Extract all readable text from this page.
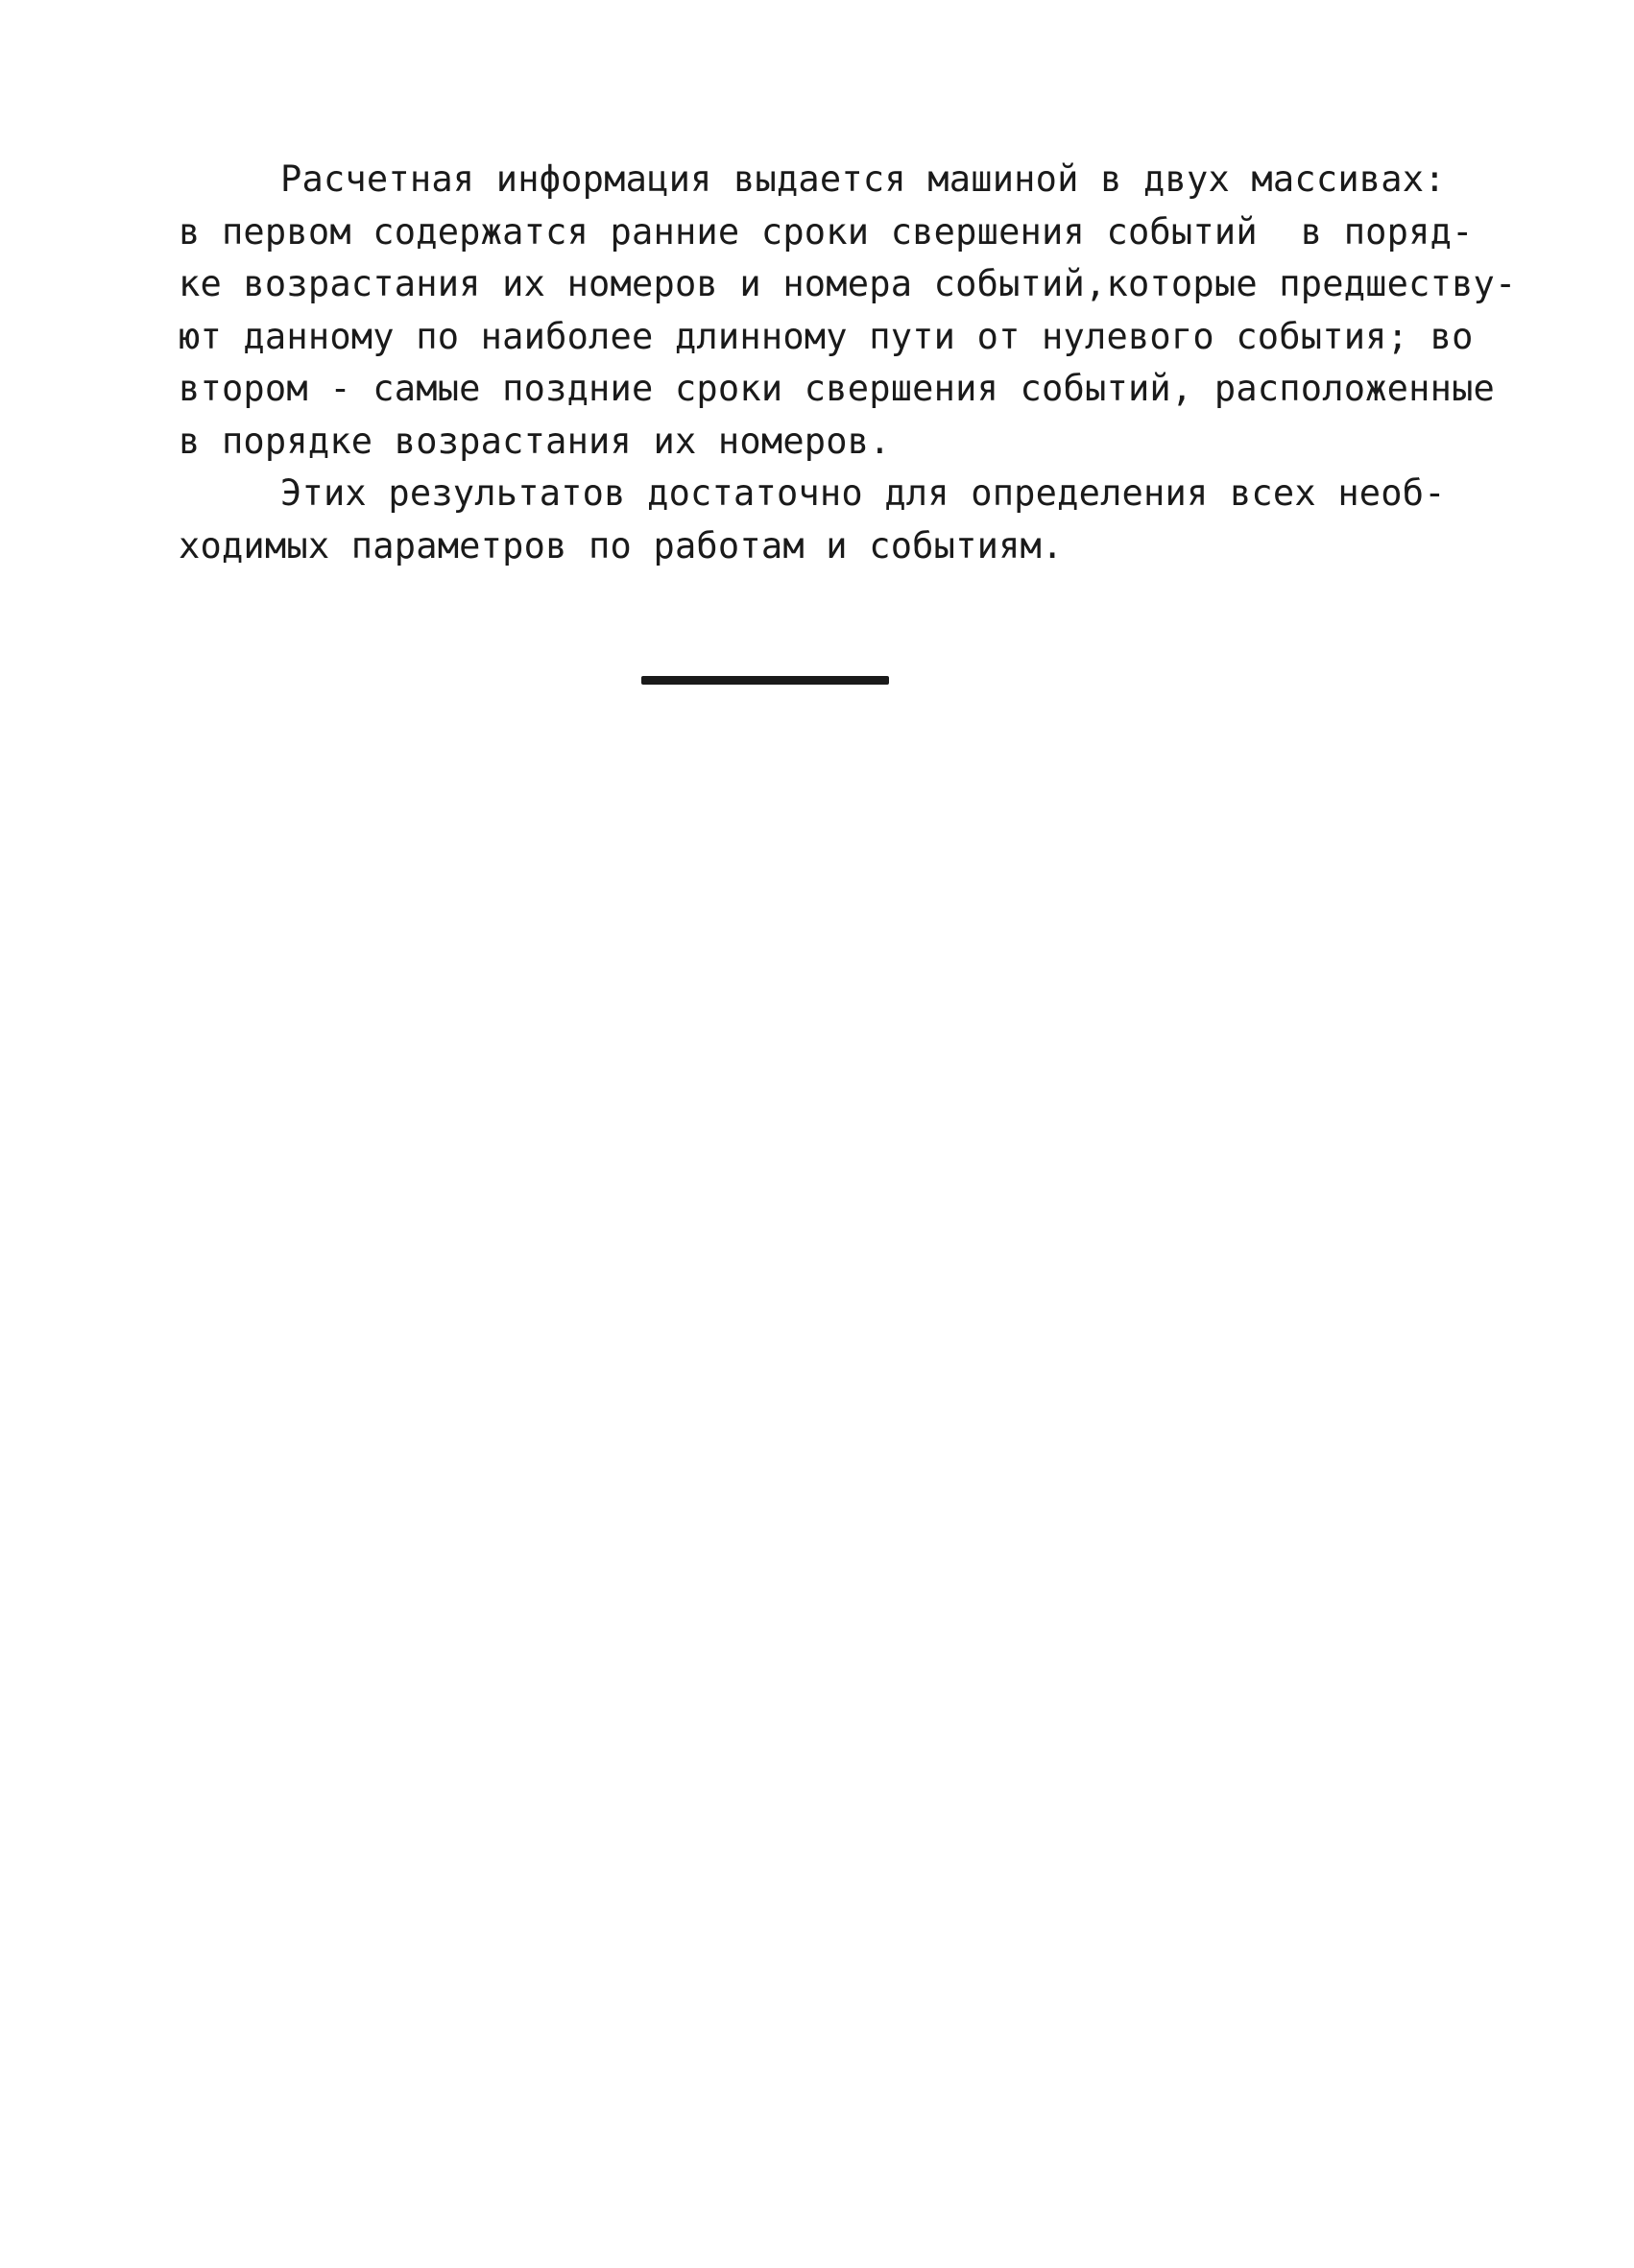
Расчетная информация выдается машиной в двух массивах:
в первом содержатся ранние сроки свершения событий  в поряд-
ке возрастания их номеров и номера событий,которые предшеству-
ют данному по наиболее длинному пути от нулевого события; во
втором - самые поздние сроки свершения событий, расположенные
в порядке возрастания их номеров.
Этих результатов достаточно для определения всех необ-
ходимых параметров по работам и событиям.
